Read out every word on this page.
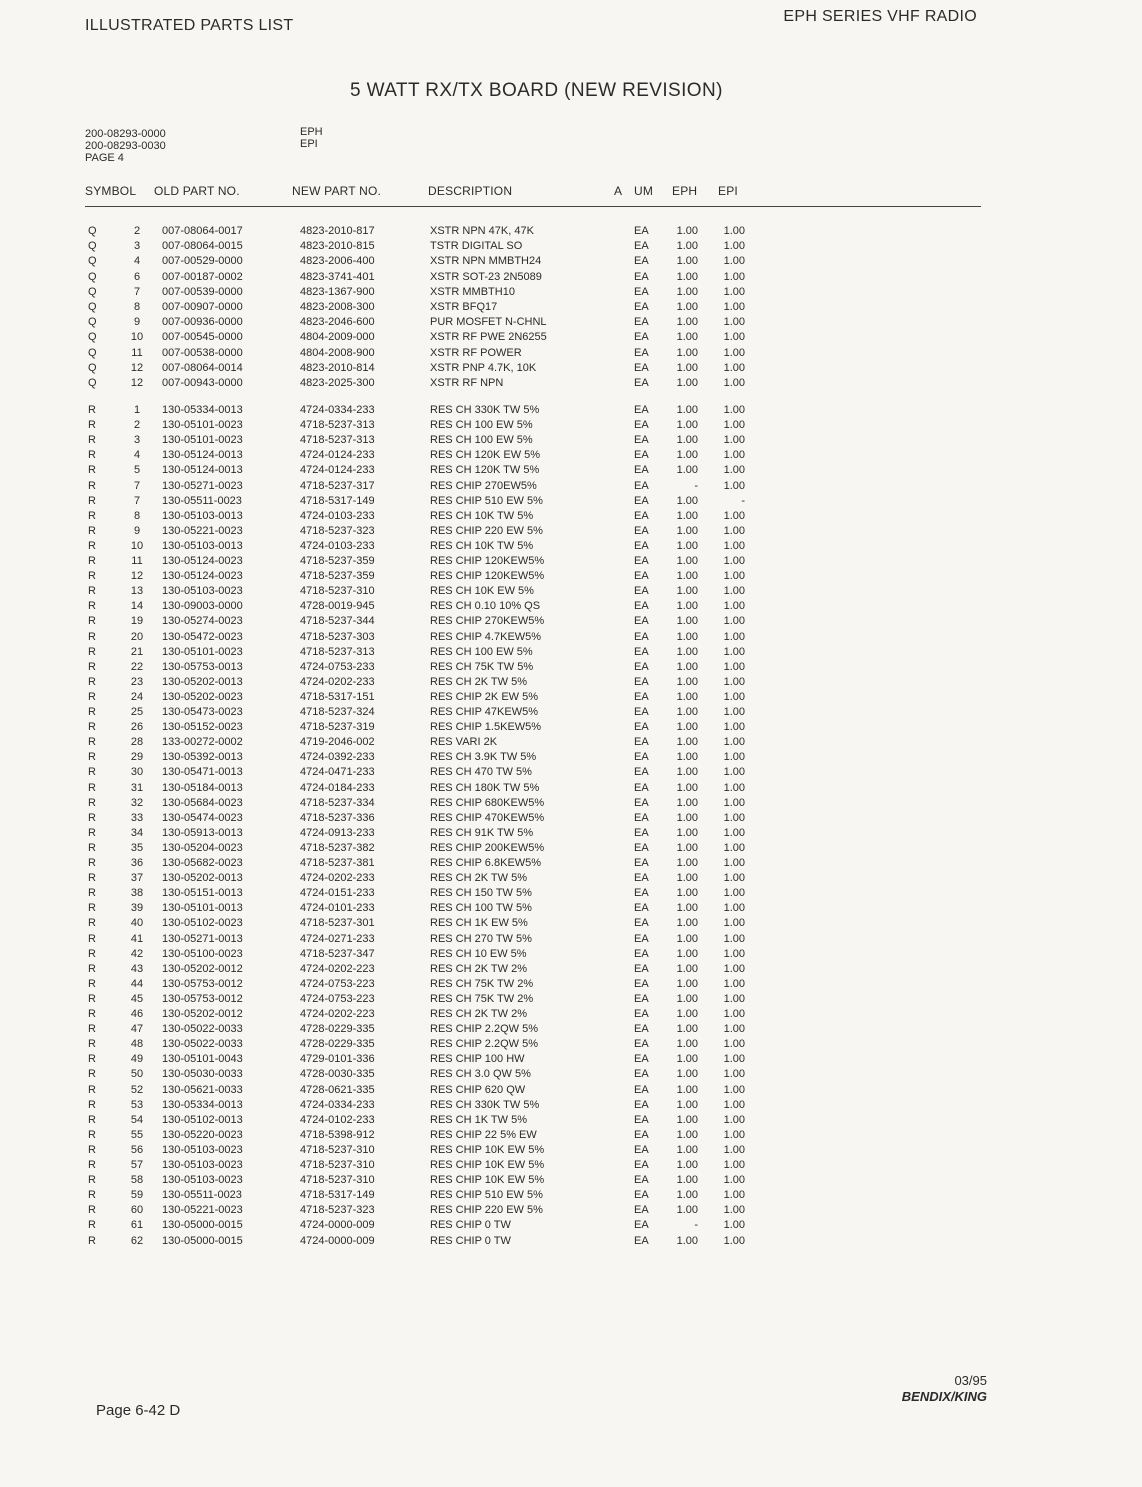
ILLUSTRATED PARTS LIST
EPH SERIES VHF RADIO
5 WATT RX/TX BOARD (NEW REVISION)
200-08293-0000
200-08293-0030
PAGE 4
EPH
EPI
SYMBOL OLD PART NO.	NEW PART NO.	DESCRIPTION	A UM EPH EPI
Q	2	007-08064-0017	4823-2010-817	XSTR NPN 47K, 47K	EA	1.00	1.00
Q	3	007-08064-0015	4823-2010-815	TSTR DIGITAL SO	EA	1.00	1.00
Q	4	007-00529-0000	4823-2006-400	XSTR NPN MMBTH24	EA	1.00	1.00
Q	6	007-00187-0002	4823-3741-401	XSTR SOT-23 2N5089	EA	1.00	1.00
Q	7	007-00539-0000	4823-1367-900	XSTR MMBTH10	EA	1.00	1.00
Q	8	007-00907-0000	4823-2008-300	XSTR BFQ17	EA	1.00	1.00
Q	9	007-00936-0000	4823-2046-600	PUR MOSFET N-CHNL	EA	1.00	1.00
Q	10	007-00545-0000	4804-2009-000	XSTR RF PWE 2N6255	EA	1.00	1.00
Q	11	007-00538-0000	4804-2008-900	XSTR RF POWER	EA	1.00	1.00
Q	12	007-08064-0014	4823-2010-814	XSTR PNP 4.7K, 10K	EA	1.00	1.00
Q	12	007-00943-0000	4823-2025-300	XSTR RF NPN	EA	1.00	1.00
R	1	130-05334-0013	4724-0334-233	RES CH 330K TW 5%	EA	1.00	1.00
R	2	130-05101-0023	4718-5237-313	RES CH 100 EW 5%	EA	1.00	1.00
R	3	130-05101-0023	4718-5237-313	RES CH 100 EW 5%	EA	1.00	1.00
R	4	130-05124-0013	4724-0124-233	RES CH 120K EW 5%	EA	1.00	1.00
R	5	130-05124-0013	4724-0124-233	RES CH 120K TW 5%	EA	1.00	1.00
R	7	130-05271-0023	4718-5237-317	RES CHIP 270EW5%	EA	-	1.00
R	7	130-05511-0023	4718-5317-149	RES CHIP 510 EW 5%	EA	1.00	-
R	8	130-05103-0013	4724-0103-233	RES CH 10K TW 5%	EA	1.00	1.00
R	9	130-05221-0023	4718-5237-323	RES CHIP 220 EW 5%	EA	1.00	1.00
R	10	130-05103-0013	4724-0103-233	RES CH 10K TW 5%	EA	1.00	1.00
R	11	130-05124-0023	4718-5237-359	RES CHIP 120KEW5%	EA	1.00	1.00
R	12	130-05124-0023	4718-5237-359	RES CHIP 120KEW5%	EA	1.00	1.00
R	13	130-05103-0023	4718-5237-310	RES CH 10K EW 5%	EA	1.00	1.00
R	14	130-09003-0000	4728-0019-945	RES CH 0.10 10% QS	EA	1.00	1.00
R	19	130-05274-0023	4718-5237-344	RES CHIP 270KEW5%	EA	1.00	1.00
R	20	130-05472-0023	4718-5237-303	RES CHIP 4.7KEW5%	EA	1.00	1.00
R	21	130-05101-0023	4718-5237-313	RES CH 100 EW 5%	EA	1.00	1.00
R	22	130-05753-0013	4724-0753-233	RES CH 75K TW 5%	EA	1.00	1.00
R	23	130-05202-0013	4724-0202-233	RES CH 2K TW 5%	EA	1.00	1.00
R	24	130-05202-0023	4718-5317-151	RES CHIP 2K EW 5%	EA	1.00	1.00
R	25	130-05473-0023	4718-5237-324	RES CHIP 47KEW5%	EA	1.00	1.00
R	26	130-05152-0023	4718-5237-319	RES CHIP 1.5KEW5%	EA	1.00	1.00
R	28	133-00272-0002	4719-2046-002	RES VARI 2K	EA	1.00	1.00
R	29	130-05392-0013	4724-0392-233	RES CH 3.9K TW 5%	EA	1.00	1.00
R	30	130-05471-0013	4724-0471-233	RES CH 470 TW 5%	EA	1.00	1.00
R	31	130-05184-0013	4724-0184-233	RES CH 180K TW 5%	EA	1.00	1.00
R	32	130-05684-0023	4718-5237-334	RES CHIP 680KEW5%	EA	1.00	1.00
R	33	130-05474-0023	4718-5237-336	RES CHIP 470KEW5%	EA	1.00	1.00
R	34	130-05913-0013	4724-0913-233	RES CH 91K TW 5%	EA	1.00	1.00
R	35	130-05204-0023	4718-5237-382	RES CHIP 200KEW5%	EA	1.00	1.00
R	36	130-05682-0023	4718-5237-381	RES CHIP 6.8KEW5%	EA	1.00	1.00
R	37	130-05202-0013	4724-0202-233	RES CH 2K TW 5%	EA	1.00	1.00
R	38	130-05151-0013	4724-0151-233	RES CH 150 TW 5%	EA	1.00	1.00
R	39	130-05101-0013	4724-0101-233	RES CH 100 TW 5%	EA	1.00	1.00
R	40	130-05102-0023	4718-5237-301	RES CH 1K EW 5%	EA	1.00	1.00
R	41	130-05271-0013	4724-0271-233	RES CH 270 TW 5%	EA	1.00	1.00
R	42	130-05100-0023	4718-5237-347	RES CH 10 EW 5%	EA	1.00	1.00
R	43	130-05202-0012	4724-0202-223	RES CH 2K TW 2%	EA	1.00	1.00
R	44	130-05753-0012	4724-0753-223	RES CH 75K TW 2%	EA	1.00	1.00
R	45	130-05753-0012	4724-0753-223	RES CH 75K TW 2%	EA	1.00	1.00
R	46	130-05202-0012	4724-0202-223	RES CH 2K TW 2%	EA	1.00	1.00
R	47	130-05022-0033	4728-0229-335	RES CHIP 2.2QW 5%	EA	1.00	1.00
R	48	130-05022-0033	4728-0229-335	RES CHIP 2.2QW 5%	EA	1.00	1.00
R	49	130-05101-0043	4729-0101-336	RES CHIP 100 HW	EA	1.00	1.00
R	50	130-05030-0033	4728-0030-335	RES CH 3.0 QW 5%	EA	1.00	1.00
R	52	130-05621-0033	4728-0621-335	RES CHIP 620 QW	EA	1.00	1.00
R	53	130-05334-0013	4724-0334-233	RES CH 330K TW 5%	EA	1.00	1.00
R	54	130-05102-0013	4724-0102-233	RES CH 1K TW 5%	EA	1.00	1.00
R	55	130-05220-0023	4718-5398-912	RES CHIP 22 5% EW	EA	1.00	1.00
R	56	130-05103-0023	4718-5237-310	RES CHIP 10K EW 5%	EA	1.00	1.00
R	57	130-05103-0023	4718-5237-310	RES CHIP 10K EW 5%	EA	1.00	1.00
R	58	130-05103-0023	4718-5237-310	RES CHIP 10K EW 5%	EA	1.00	1.00
R	59	130-05511-0023	4718-5317-149	RES CHIP 510 EW 5%	EA	1.00	1.00
R	60	130-05221-0023	4718-5237-323	RES CHIP 220 EW 5%	EA	1.00	1.00
R	61	130-05000-0015	4724-0000-009	RES CHIP 0 TW	EA	-	1.00
R	62	130-05000-0015	4724-0000-009	RES CHIP 0 TW	EA	1.00	1.00
Page 6-42 D
03/95
BENDIX/KING
